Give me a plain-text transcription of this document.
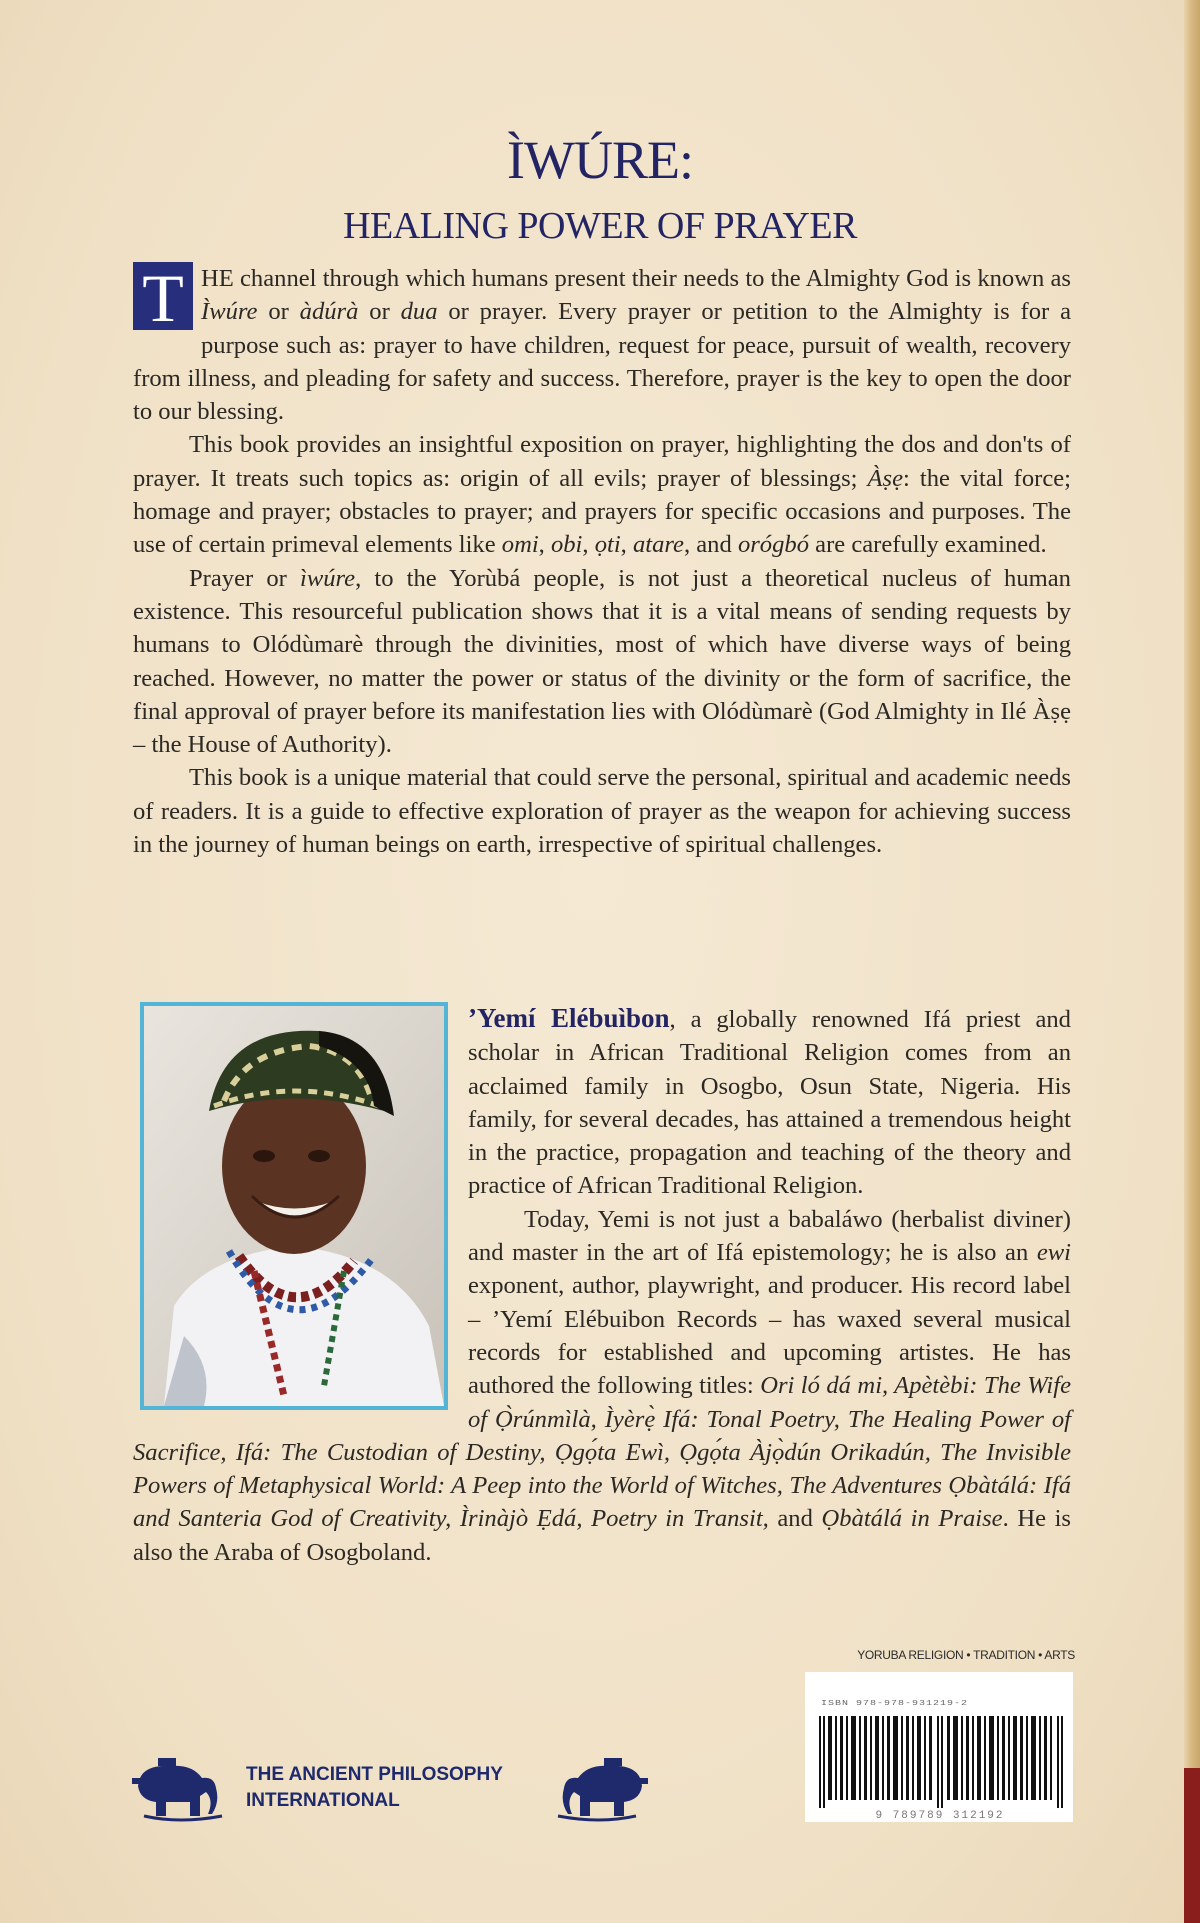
ÌWÚRE:
HEALING POWER OF PRAYER

T HE channel through which humans present their needs to the Almighty God is known as Ìwúre or àdúrà or dua or prayer. Every prayer or petition to the Almighty is for a purpose such as: prayer to have children, request for peace, pursuit of wealth, recovery from illness, and pleading for safety and success. Therefore, prayer is the key to open the door to our blessing.

This book provides an insightful exposition on prayer, highlighting the dos and don'ts of prayer. It treats such topics as: origin of all evils; prayer of blessings; Àṣẹ: the vital force; homage and prayer; obstacles to prayer; and prayers for specific occasions and purposes. The use of certain primeval elements like omi, obi, ọti, atare, and orógbó are carefully examined.

Prayer or ìwúre, to the Yorùbá people, is not just a theoretical nucleus of human existence. This resourceful publication shows that it is a vital means of sending requests by humans to Olódùmarè through the divinities, most of which have diverse ways of being reached. However, no matter the power or status of the divinity or the form of sacrifice, the final approval of prayer before its manifestation lies with Olódùmarè (God Almighty in Ilé Àṣẹ – the House of Authority).

This book is a unique material that could serve the personal, spiritual and academic needs of readers. It is a guide to effective exploration of prayer as the weapon for achieving success in the journey of human beings on earth, irrespective of spiritual challenges.

’Yemí Elébuìbon, a globally renowned Ifá priest and scholar in African Traditional Religion comes from an acclaimed family in Osogbo, Osun State, Nigeria. His family, for several decades, has attained a tremendous height in the practice, propagation and teaching of the theory and practice of African Traditional Religion.

Today, Yemi is not just a babaláwo (herbalist diviner) and master in the art of Ifá epistemology; he is also an ewi exponent, author, playwright, and producer. His record label – ’Yemí Elébuibon Records – has waxed several musical records for established and upcoming artistes. He has authored the following titles: Ori ló dá mi, Apètèbi: The Wife of Ọ̀rúnmìlà, Ìyèrẹ̀ Ifá: Tonal Poetry, The Healing Power of Sacrifice, Ifá: The Custodian of Destiny, Ọgọ́ta Ewì, Ọgọ́ta Àjọ̀dún Orikadún, The Invisible Powers of Metaphysical World: A Peep into the World of Witches, The Adventures Ọbàtálá: Ifá and Santeria God of Creativity, Ìrinàjò Ẹdá, Poetry in Transit, and Ọbàtálá in Praise. He is also the Araba of Osogboland.

YORUBA RELIGION • TRADITION • ARTS
ISBN 978-978-931219-2
9 789789 312192
THE ANCIENT PHILOSOPHY
INTERNATIONAL
